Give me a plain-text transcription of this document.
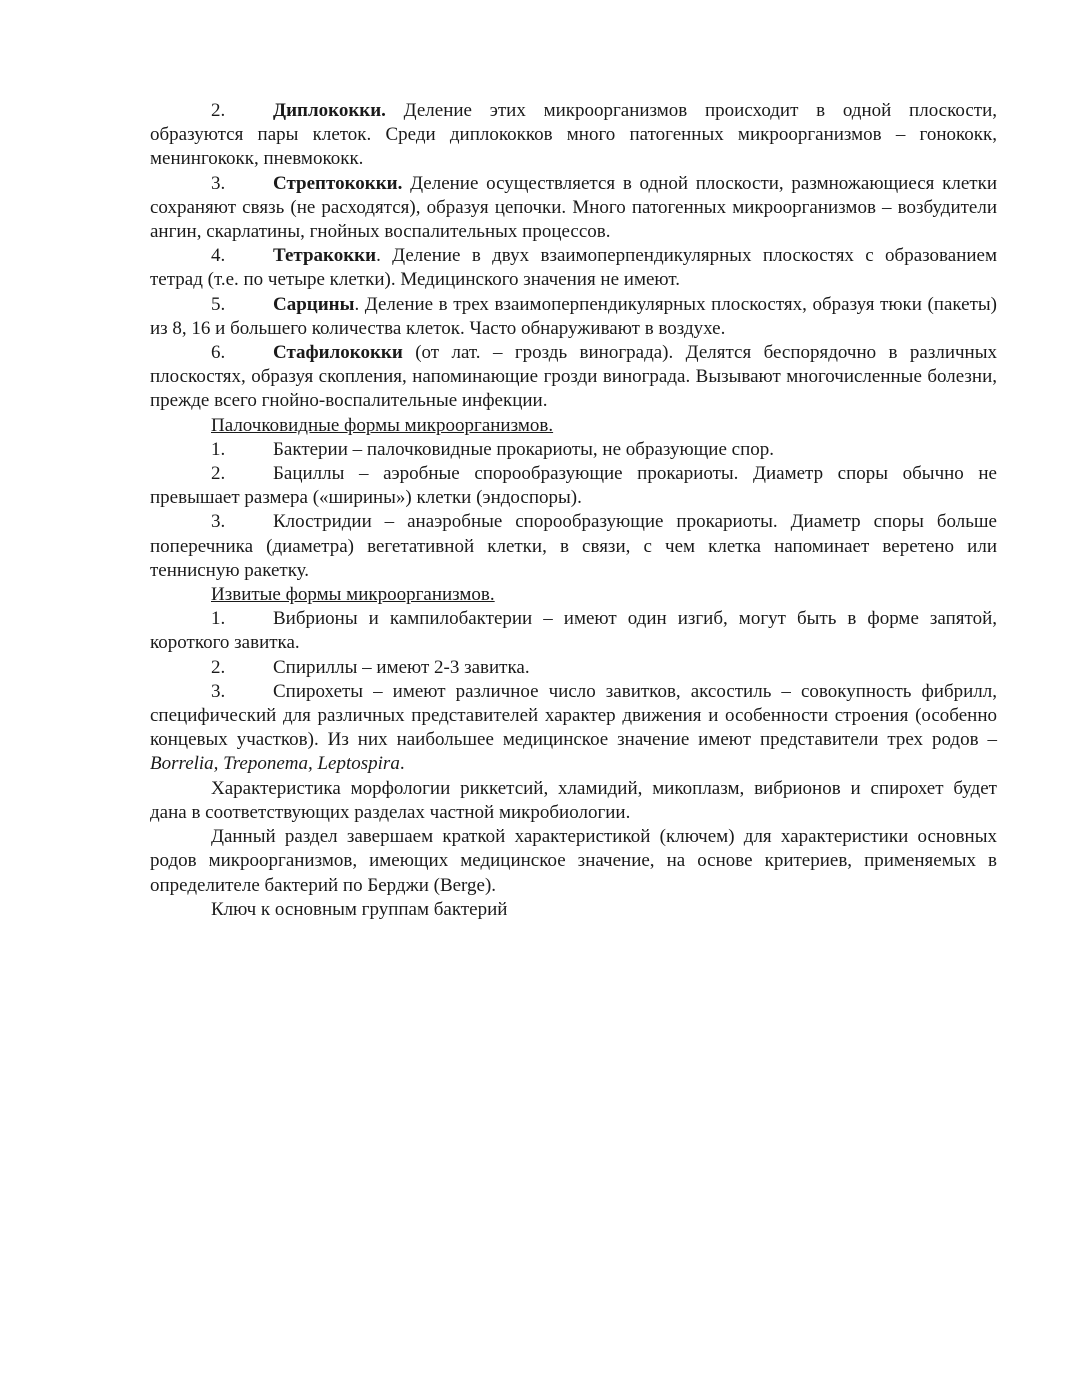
2.	Диплококки. Деление этих микроорганизмов происходит в одной плоскости, образуются пары клеток. Среди диплококков много патогенных микроорганизмов – гонококк, менингококк, пневмококк.

3.	Стрептококки. Деление осуществляется в одной плоскости, размножающиеся клетки сохраняют связь (не расходятся), образуя цепочки. Много патогенных микроорганизмов – возбудители ангин, скарлатины, гнойных воспалительных процессов.

4.	Тетракокки. Деление в двух взаимоперпендикулярных плоскостях с образованием тетрад (т.е. по четыре клетки). Медицинского значения не имеют.

5.	Сарцины. Деление в трех взаимоперпендикулярных плоскостях, образуя тюки (пакеты) из 8, 16 и большего количества клеток. Часто обнаруживают в воздухе.

6.	Стафилококки (от лат. – гроздь винограда). Делятся беспорядочно в различных плоскостях, образуя скопления, напоминающие грозди винограда. Вызывают многочисленные болезни, прежде всего гнойно-воспалительные инфекции.

Палочковидные формы микроорганизмов.

1.	Бактерии – палочковидные прокариоты, не образующие спор.

2.	Бациллы – аэробные спорообразующие прокариоты. Диаметр споры обычно не превышает размера («ширины») клетки (эндоспоры).

3.	Клостридии – анаэробные спорообразующие прокариоты. Диаметр споры больше поперечника (диаметра) вегетативной клетки, в связи, с чем клетка напоминает веретено или теннисную ракетку.

Извитые формы микроорганизмов.

1.	Вибрионы и кампилобактерии – имеют один изгиб, могут быть в форме запятой, короткого завитка.

2.	Спириллы – имеют 2-3 завитка.

3.	Спирохеты – имеют различное число завитков, аксостиль – совокупность фибрилл, специфический для различных представителей характер движения и особенности строения (особенно концевых участков). Из них наибольшее медицинское значение имеют представители трех родов – Borrelia, Treponema, Leptospira.

Характеристика морфологии риккетсий, хламидий, микоплазм, вибрионов и спирохет будет дана в соответствующих разделах частной микробиологии.

Данный раздел завершаем краткой характеристикой (ключем) для характеристики основных родов микроорганизмов, имеющих медицинское значение, на основе критериев, применяемых в определителе бактерий по Берджи (Berge).

Ключ к основным группам бактерий
